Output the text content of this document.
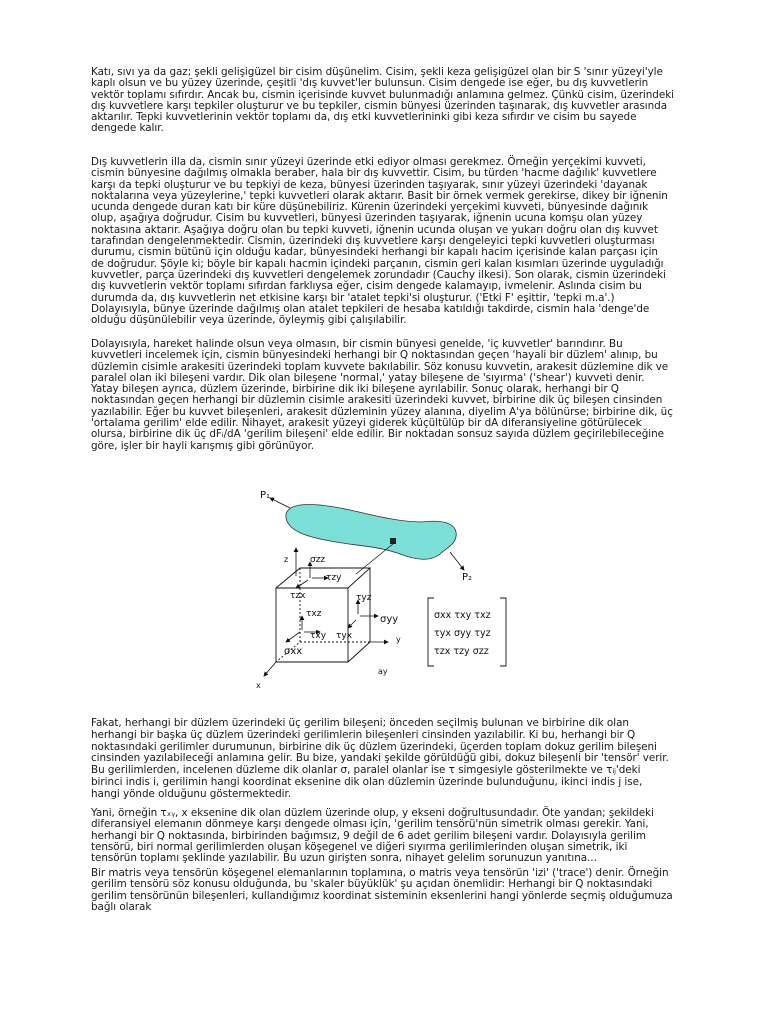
Katı, sıvı ya da gaz; şekli gelişigüzel bir cisim düşünelim. Cisim, şekli keza gelişigüzel olan bir S 'sınır yüzeyi'yle kaplı olsun ve bu yüzey üzerinde, çeşitli 'dış kuvvet'ler bulunsun. Cisim dengede ise eğer, bu dış kuvvetlerin vektör toplamı sıfırdır. Ancak bu, cismin içerisinde kuvvet bulunmadığı anlamına gelmez. Çünkü cisim, üzerindeki dış kuvvetlere karşı tepkiler oluşturur ve bu tepkiler, cismin bünyesi üzerinden taşınarak, dış kuvvetler arasında aktarılır. Tepki kuvvetlerinin vektör toplamı da, dış etki kuvvetlerininki gibi keza sıfırdır ve cisim bu sayede dengede kalır.

Dış kuvvetlerin illa da, cismin sınır yüzeyi üzerinde etki ediyor olması gerekmez. Örneğin yerçekimi kuvveti, cismin bünyesine dağılmış olmakla beraber, hala bir dış kuvvettir. Cisim, bu türden 'hacme dağılık' kuvvetlere karşı da tepki oluşturur ve bu tepkiyi de keza, bünyesi üzerinden taşıyarak, sınır yüzeyi üzerindeki 'dayanak noktalarına veya yüzeylerine,' tepki kuvvetleri olarak aktarır. Basit bir örnek vermek gerekirse, dikey bir iğnenin ucunda dengede duran katı bir küre düşünebiliriz. Kürenin üzerindeki yerçekimi kuvveti, bünyesinde dağınık olup, aşağıya doğrudur. Cisim bu kuvvetleri, bünyesi üzerinden taşıyarak, iğnenin ucuna komşu olan yüzey noktasına aktarır. Aşağıya doğru olan bu tepki kuvveti, iğnenin ucunda oluşan ve yukarı doğru olan dış kuvvet tarafından dengelenmektedir. Cismin, üzerindeki dış kuvvetlere karşı dengeleyici tepki kuvvetleri oluşturması durumu, cismin bütünü için olduğu kadar, bünyesindeki herhangi bir kapalı hacim içerisinde kalan parçası için de doğrudur. Şöyle ki; böyle bir kapalı hacmin içindeki parçanın, cismin geri kalan kısımları üzerinde uyguladığı kuvvetler, parça üzerindeki dış kuvvetleri dengelemek zorundadır (Cauchy ilkesi). Son olarak, cismin üzerindeki dış kuvvetlerin vektör toplamı sıfırdan farklıysa eğer, cisim dengede kalamayıp, ivmelenir. Aslında cisim bu durumda da, dış kuvvetlerin net etkisine karşı bir 'atalet tepki'si oluşturur. ('Etki F' eşittir, 'tepki m.a'.) Dolayısıyla, bünye üzerinde dağılmış olan atalet tepkileri de hesaba katıldığı takdirde, cismin hala 'denge'de olduğu düşünülebilir veya üzerinde, öyleymiş gibi çalışılabilir.

Dolayısıyla, hareket halinde olsun veya olmasın, bir cismin bünyesi genelde, 'iç kuvvetler' barındırır. Bu kuvvetleri incelemek için, cismin bünyesindeki herhangi bir Q noktasından geçen 'hayali bir düzlem' alınıp, bu düzlemin cisimle arakesiti üzerindeki toplam kuvvete bakılabilir. Söz konusu kuvvetin, arakesit düzlemine dik ve paralel olan iki bileşeni vardır. Dik olan bileşene 'normal,' yatay bileşene de 'sıyırma' ('shear') kuvveti denir. Yatay bileşen ayrıca, düzlem üzerinde, birbirine dik iki bileşene ayrılabilir. Sonuç olarak, herhangi bir Q noktasından geçen herhangi bir düzlemin cisimle arakesiti üzerindeki kuvvet, birbirine dik üç bileşen cinsinden yazılabilir. Eğer bu kuvvet bileşenleri, arakesit düzleminin yüzey alanına, diyelim A'ya bölünürse; birbirine dik, üç 'ortalama gerilim' elde edilir. Nihayet, arakesit yüzeyi giderek küçültülüp bir dA diferansiyeline götürülecek olursa, birbirine dik üç dFᵢ/dA 'gerilim bileşeni' elde edilir. Bir noktadan sonsuz sayıda düzlem geçirilebileceğine göre, işler bir hayli karışmış gibi görünüyor.

P₁
P₂
z σzz
τzy
τzx	τyz
σyy
τyx
τxz
τxy
σxx
y
ay
x
σxx τxy τxz
τyx σyy τyz
τzx τzy σzz

Fakat, herhangi bir düzlem üzerindeki üç gerilim bileşeni; önceden seçilmiş bulunan ve birbirine dik olan herhangi bir başka üç düzlem üzerindeki gerilimlerin bileşenleri cinsinden yazılabilir. Ki bu, herhangi bir Q noktasındaki gerilimler durumunun, birbirine dik üç düzlem üzerindeki, üçerden toplam dokuz gerilim bileşeni cinsinden yazılabileceği anlamına gelir. Bu bize, yandaki şekilde görüldüğü gibi, dokuz bileşenli bir 'tensör' verir. Bu gerilimlerden, incelenen düzleme dik olanlar σ, paralel olanlar ise τ simgesiyle gösterilmekte ve τᵢⱼ'deki birinci indis i, gerilimin hangi koordinat eksenine dik olan düzlemin üzerinde bulunduğunu, ikinci indis j ise, hangi yönde olduğunu göstermektedir.

Yani, örneğin τₓᵧ, x eksenine dik olan düzlem üzerinde olup, y ekseni doğrultusundadır. Öte yandan; şekildeki diferansiyel elemanın dönmeye karşı dengede olması için, 'gerilim tensörü'nün simetrik olması gerekir. Yani, herhangi bir Q noktasında, birbirinden bağımsız, 9 değil de 6 adet gerilim bileşeni vardır. Dolayısıyla gerilim tensörü, biri normal gerilimlerden oluşan köşegenel ve diğeri sıyırma gerilimlerinden oluşan simetrik, iki tensörün toplamı şeklinde yazılabilir. Bu uzun girişten sonra, nihayet gelelim sorunuzun yanıtına...

Bir matris veya tensörün köşegenel elemanlarının toplamına, o matris veya tensörün 'izi' ('trace') denir. Örneğin gerilim tensörü söz konusu olduğunda, bu 'skaler büyüklük' şu açıdan önemlidir: Herhangi bir Q noktasındaki gerilim tensörünün bileşenleri, kullandığımız koordinat sisteminin eksenlerini hangi yönlerde seçmiş olduğumuza bağlı olarak
